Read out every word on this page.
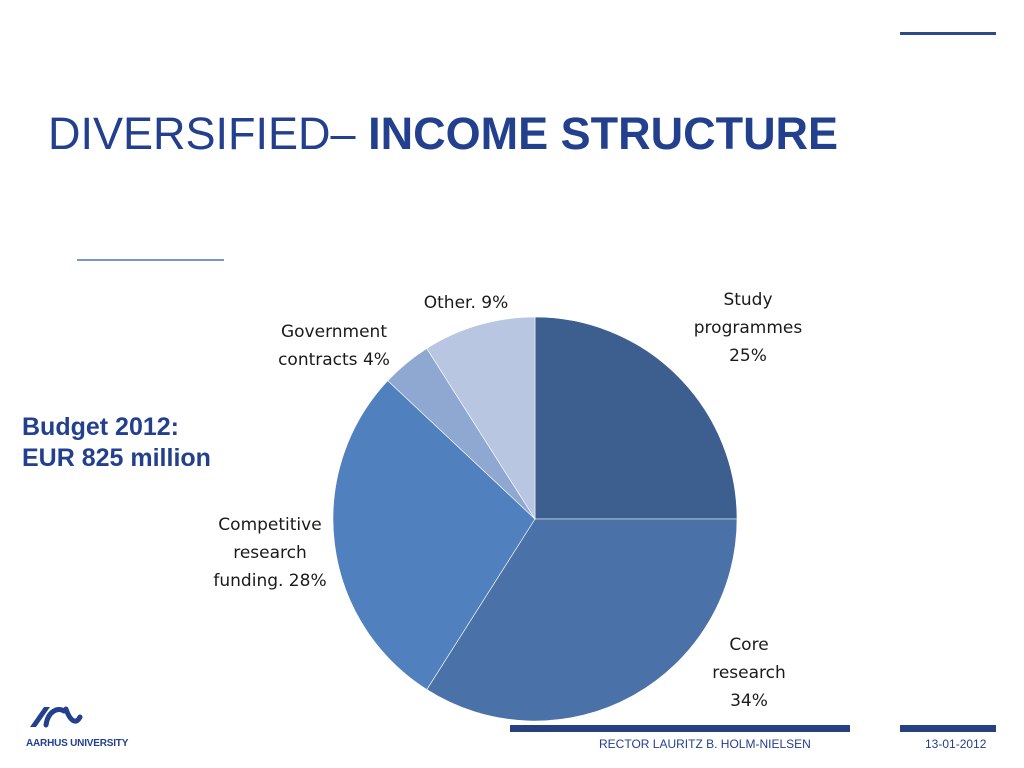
DIVERSIFIED– INCOME STRUCTURE
Budget 2012:
EUR 825 million
Study programmes 25%
Core research 34%
Competitive research funding. 28%
Government contracts 4%
Other. 9%
AARHUS UNIVERSITY	RECTOR LAURITZ B. HOLM-NIELSEN	13-01-2012
